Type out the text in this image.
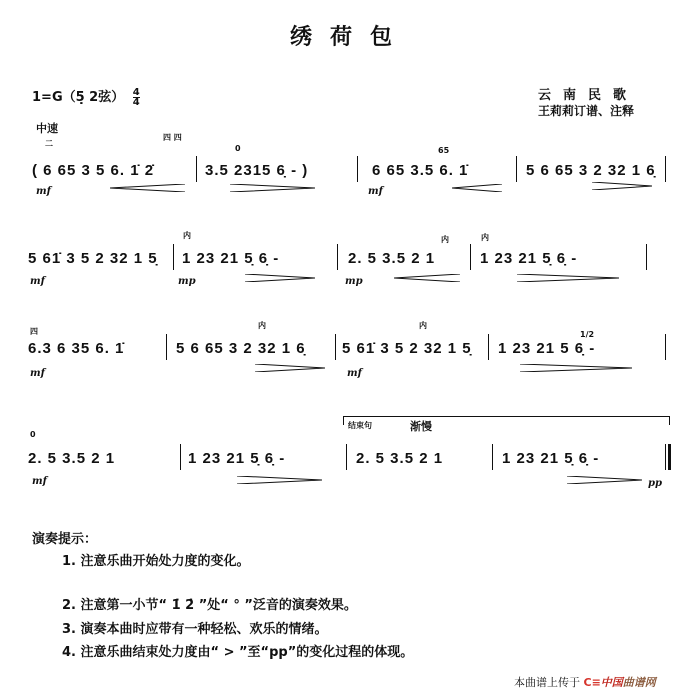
绣荷包
1=G（5̣ 2弦） $\frac{4}{4}$	云南民歌
王莉莉订谱、注释
中速
二
四 四
( 6 65 3 5 6. 1̇ 2̇
0
3.5 2315 6̣ - )
65
6 65 3.5 6. 1̇	5 6 65 3 2 32 1 6̣
mf	mf
内
5 61̇ 3 5 2 32 1 5̣ 1 23 21 5̣ 6̣ -
内
2. 5 3.5 2 1
内
1 23 21 5̣ 6̣ -
mf	mp	mp
四
6.3 6 35 6. 1̇
内
5 6 65 3 2 32 1 6̣
内
5 61̇ 3 5 2 32 1 5̣
1/2
1 23 21 5 6̣ -
mf	mf
结束句	渐慢
0
2. 5 3.5 2 1	1 23 21 5̣ 6̣ -	2. 5 3.5 2 1	1 23 21 5̣ 6̣ -
mf	pp
演奏提示：
1. 注意乐曲开始处力度的变化。
2. 注意第一小节“ 1̇ 2̇ ”处“ ° ”泛音的演奏效果。
3. 演奏本曲时应带有一种轻松、欢乐的情绪。
4. 注意乐曲结束处力度由“ > ”至“pp”的变化过程的体现。
本曲谱上传于 C≡中国曲谱网
